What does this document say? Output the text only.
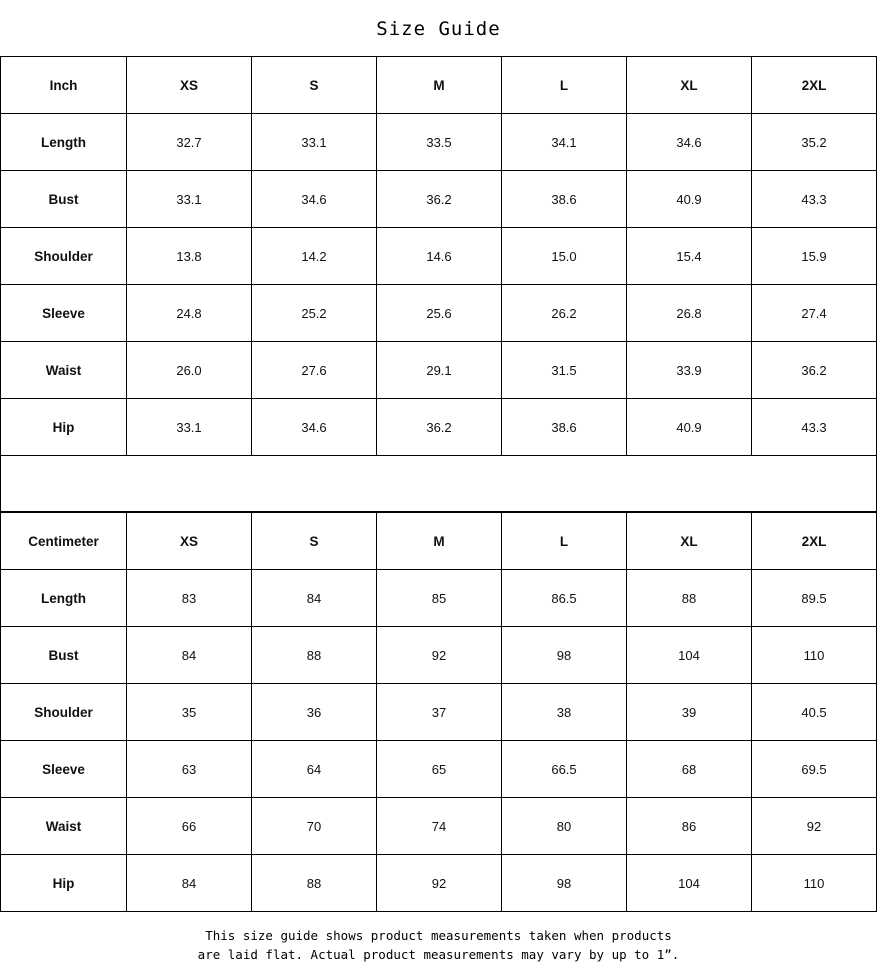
Size Guide
Inch	XS	S	M	L	XL	2XL
Length	32.7	33.1	33.5	34.1	34.6	35.2
Bust	33.1	34.6	36.2	38.6	40.9	43.3
Shoulder	13.8	14.2	14.6	15.0	15.4	15.9
Sleeve	24.8	25.2	25.6	26.2	26.8	27.4
Waist	26.0	27.6	29.1	31.5	33.9	36.2
Hip	33.1	34.6	36.2	38.6	40.9	43.3
Centimeter	XS	S	M	L	XL	2XL
Length	83	84	85	86.5	88	89.5
Bust	84	88	92	98	104	110
Shoulder	35	36	37	38	39	40.5
Sleeve	63	64	65	66.5	68	69.5
Waist	66	70	74	80	86	92
Hip	84	88	92	98	104	110
This size guide shows product measurements taken when products
are laid flat. Actual product measurements may vary by up to 1”.
